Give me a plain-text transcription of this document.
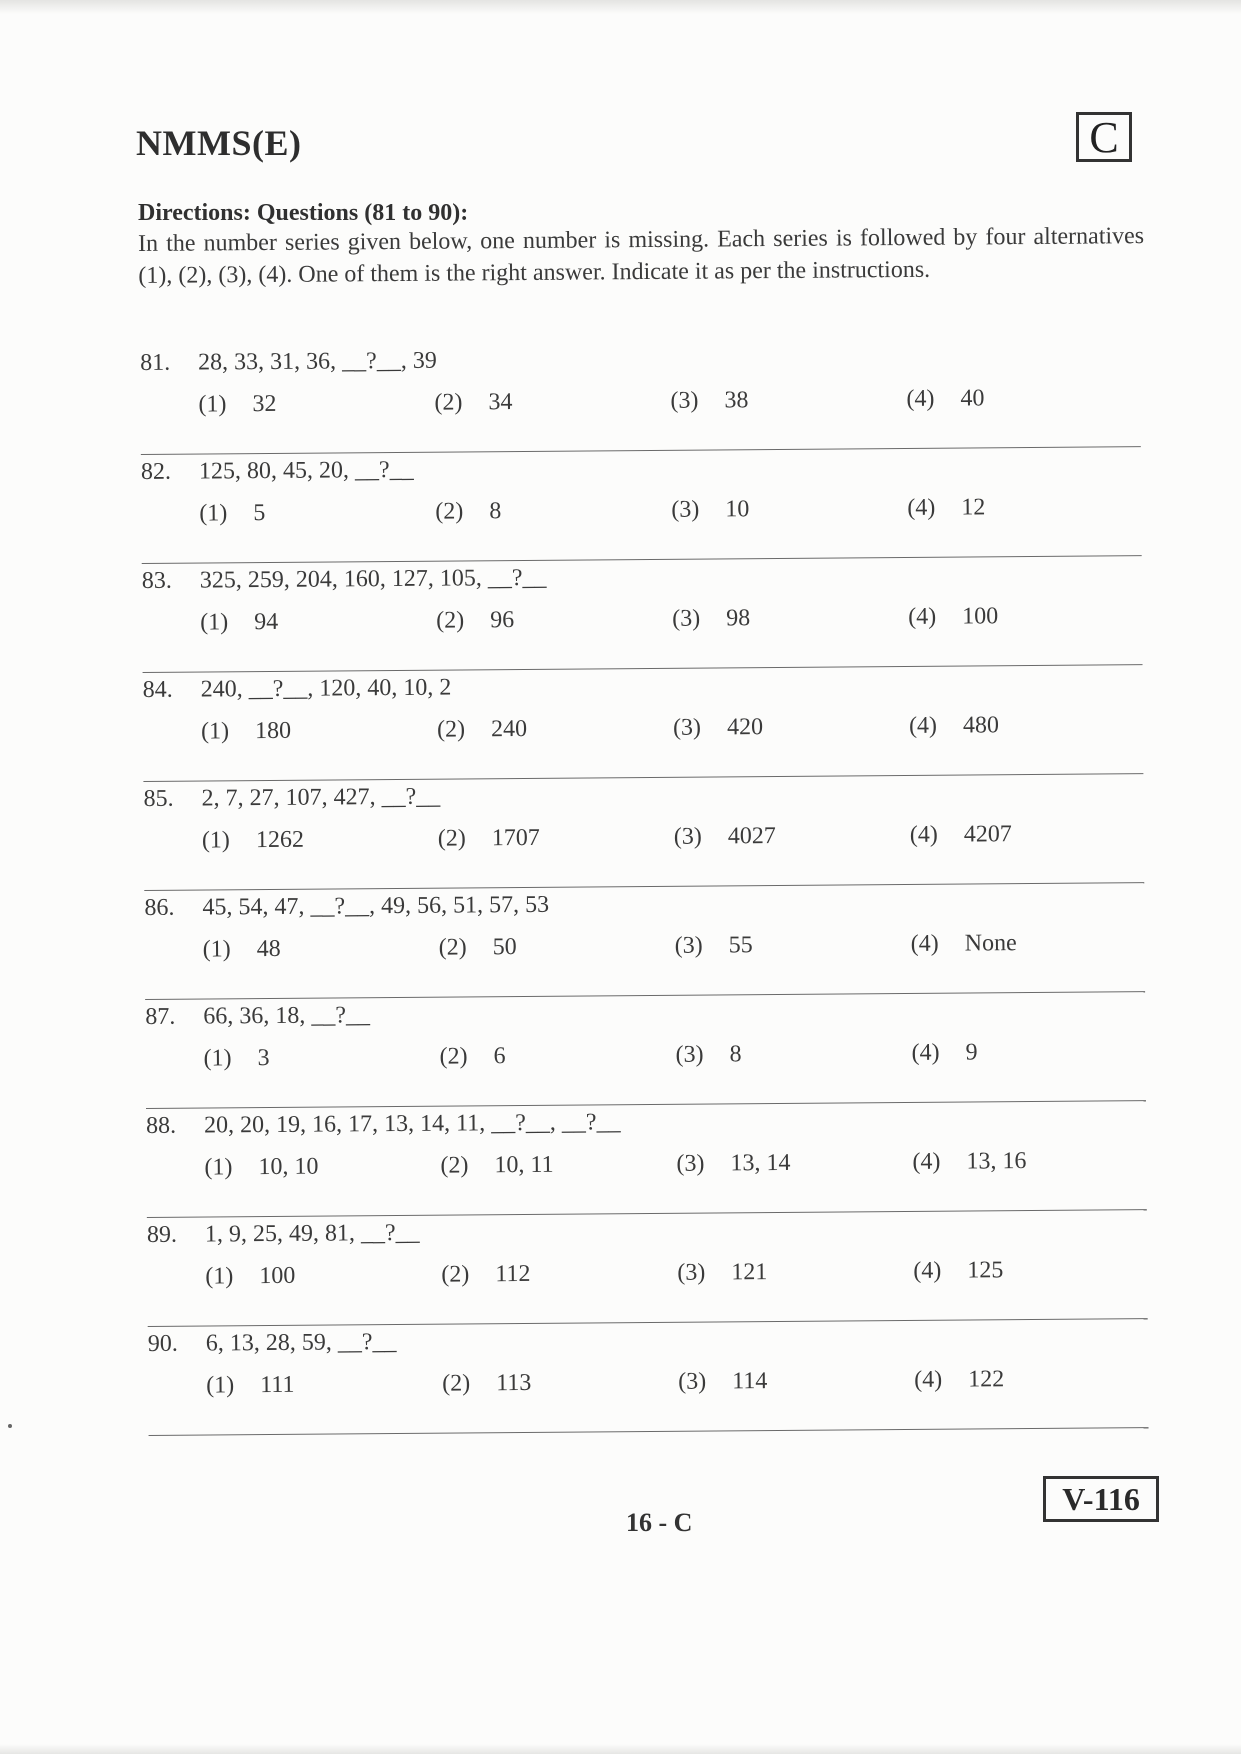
NMMS(E)	C
Directions: Questions (81 to 90):
In the number series given below, one number is missing. Each series is followed by four alternatives (1), (2), (3), (4). One of them is the right answer. Indicate it as per the instructions.
81. 28, 33, 31, 36, __?__, 39
(1) 32	(2) 34	(3) 38	(4) 40
82. 125, 80, 45, 20, __?__
(1) 5	(2) 8	(3) 10	(4) 12
83. 325, 259, 204, 160, 127, 105, __?__
(1) 94	(2) 96	(3) 98	(4) 100
84. 240, __?__, 120, 40, 10, 2
(1) 180	(2) 240	(3) 420	(4) 480
85. 2, 7, 27, 107, 427, __?__
(1) 1262	(2) 1707	(3) 4027	(4) 4207
86. 45, 54, 47, __?__, 49, 56, 51, 57, 53
(1) 48	(2) 50	(3) 55	(4) None
87. 66, 36, 18, __?__
(1) 3	(2) 6	(3) 8	(4) 9
88. 20, 20, 19, 16, 17, 13, 14, 11, __?__, __?__
(1) 10, 10	(2) 10, 11	(3) 13, 14	(4) 13, 16
89. 1, 9, 25, 49, 81, __?__
(1) 100	(2) 112	(3) 121	(4) 125
90. 6, 13, 28, 59, __?__
(1) 111	(2) 113	(3) 114	(4) 122
16 - C
V-116
